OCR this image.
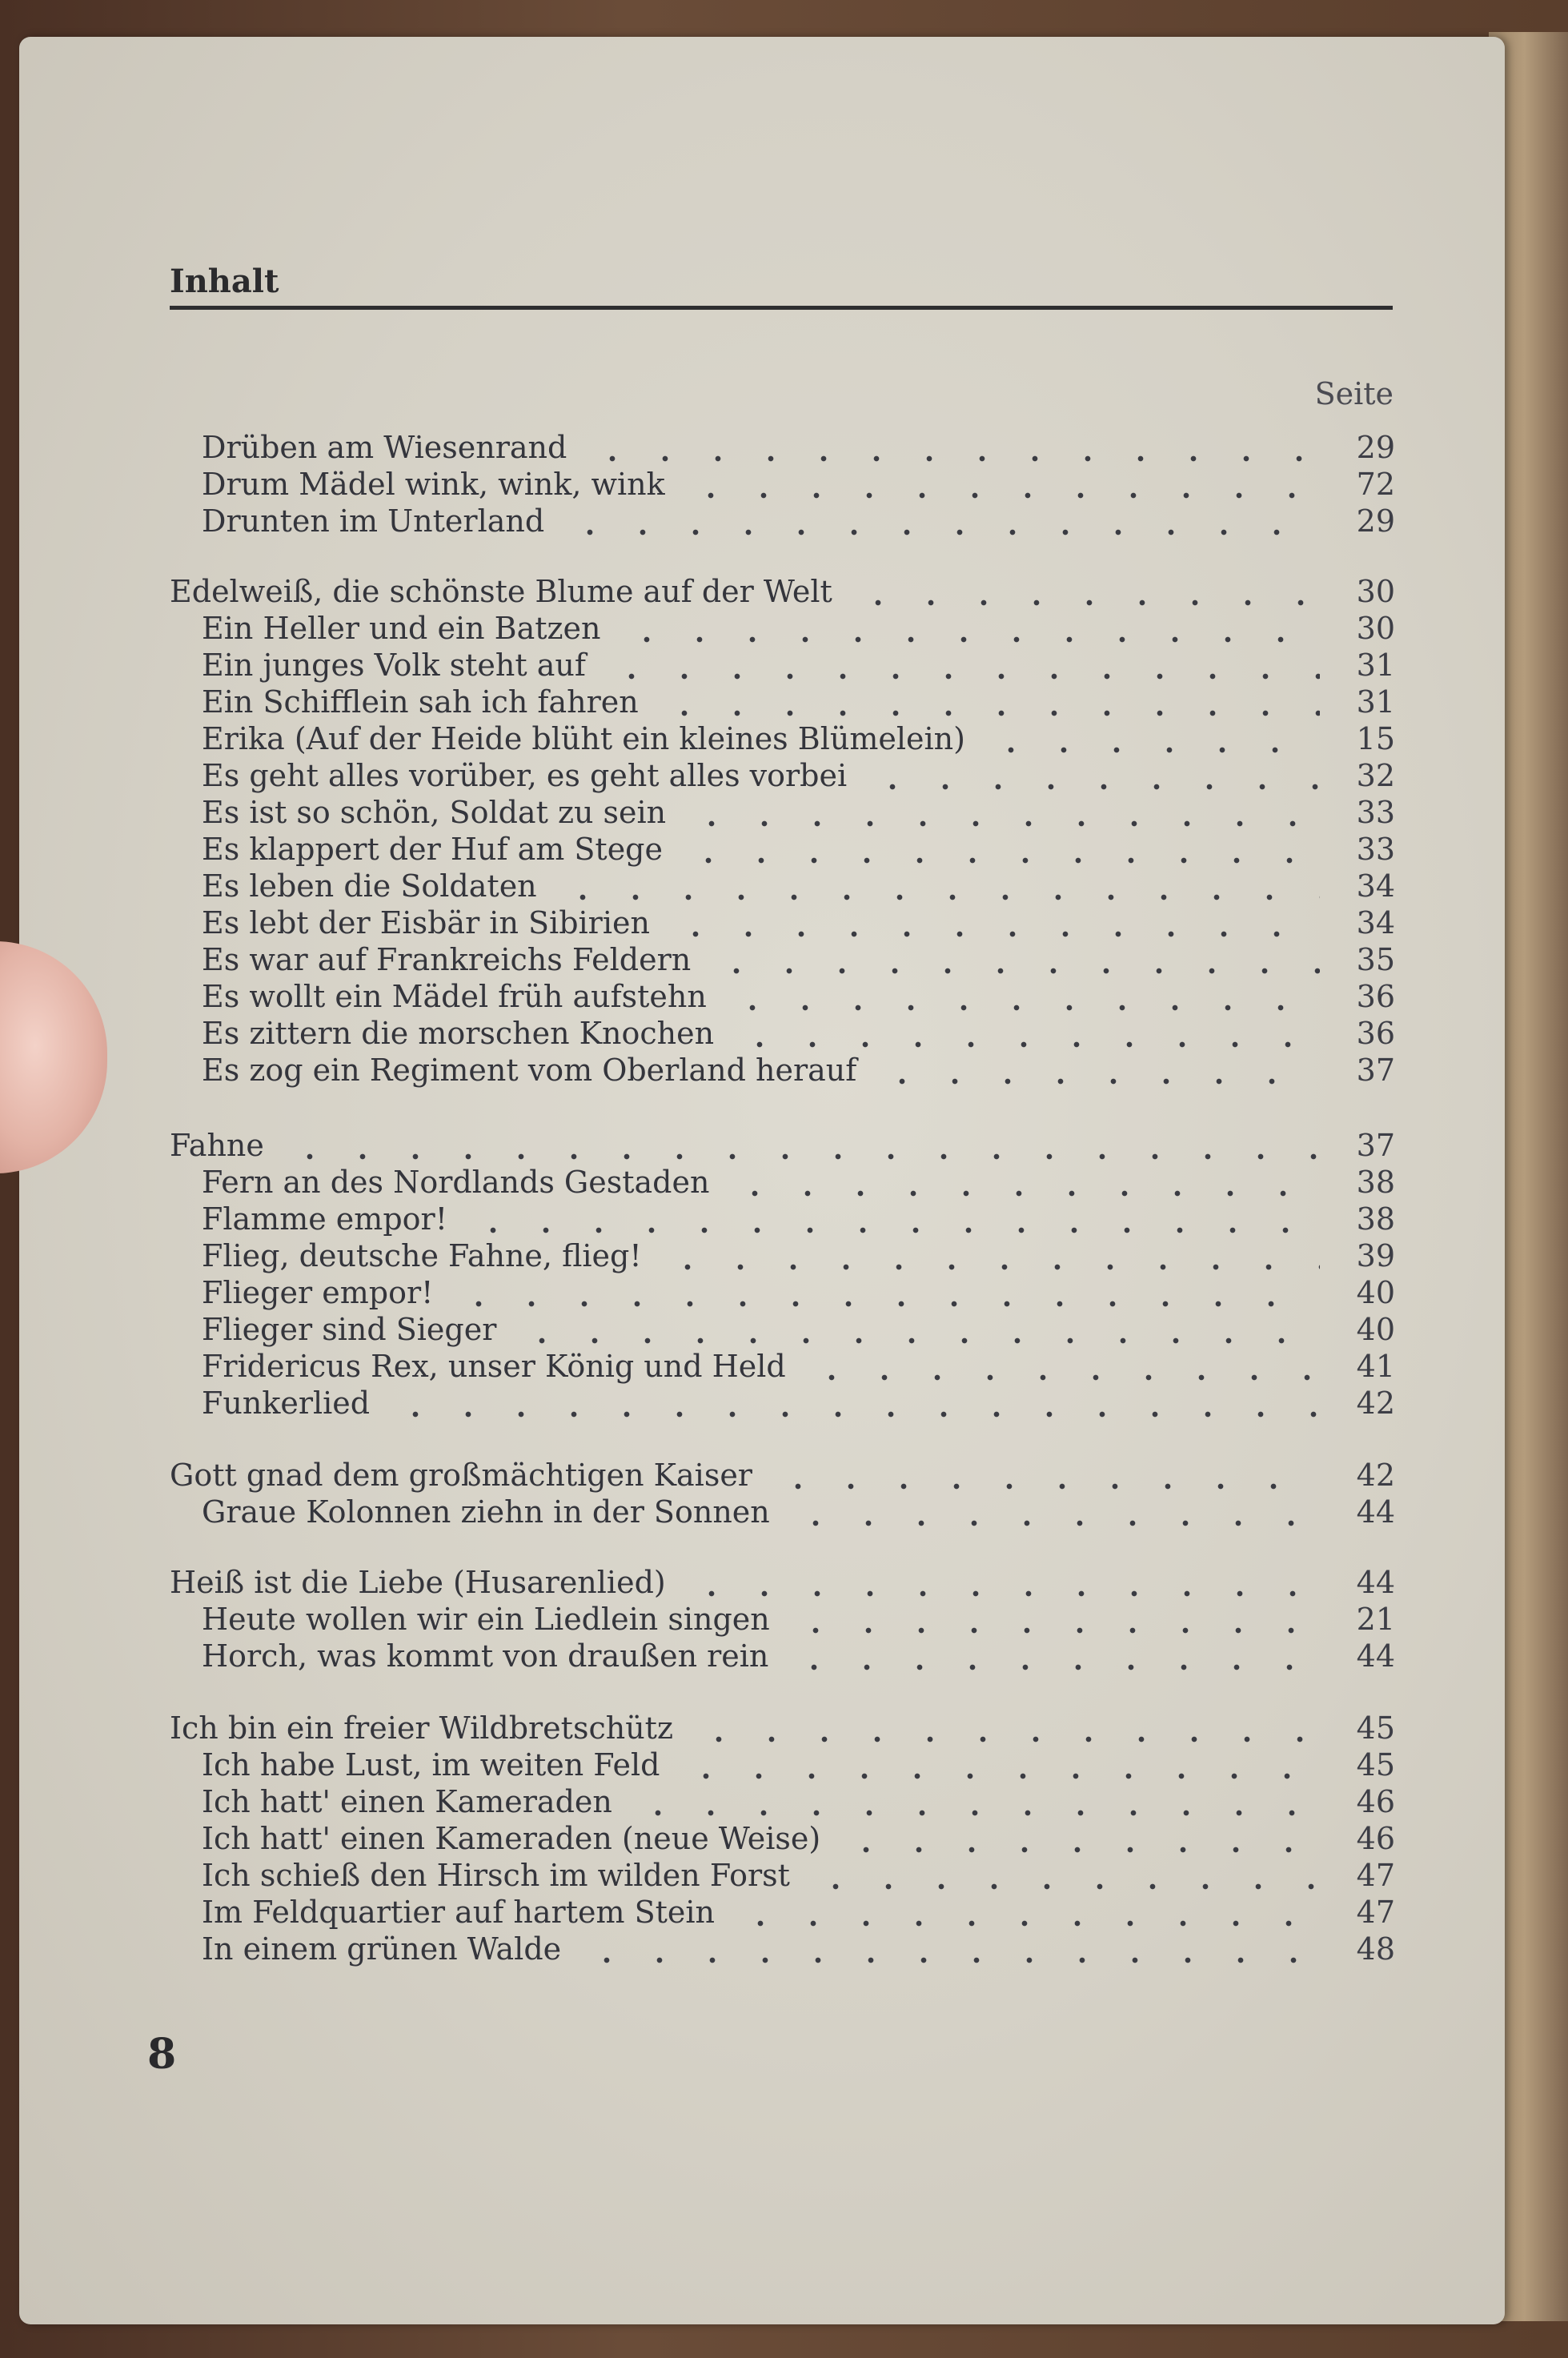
Inhalt
Seite
Drüben am Wiesenrand	29
Drum Mädel wink, wink, wink	72
Drunten im Unterland	29
Edelweiß, die schönste Blume auf der Welt	30
Ein Heller und ein Batzen	30
Ein junges Volk steht auf	31
Ein Schifflein sah ich fahren	31
Erika (Auf der Heide blüht ein kleines Blümelein)	15
Es geht alles vorüber, es geht alles vorbei	32
Es ist so schön, Soldat zu sein	33
Es klappert der Huf am Stege	33
Es leben die Soldaten	34
Es lebt der Eisbär in Sibirien	34
Es war auf Frankreichs Feldern	35
Es wollt ein Mädel früh aufstehn	36
Es zittern die morschen Knochen	36
Es zog ein Regiment vom Oberland herauf	37
Fahne	37
Fern an des Nordlands Gestaden	38
Flamme empor!	38
Flieg, deutsche Fahne, flieg!	39
Flieger empor!	40
Flieger sind Sieger	40
Fridericus Rex, unser König und Held	41
Funkerlied	42
Gott gnad dem großmächtigen Kaiser	42
Graue Kolonnen ziehn in der Sonnen	44
Heiß ist die Liebe (Husarenlied)	44
Heute wollen wir ein Liedlein singen	21
Horch, was kommt von draußen rein	44
Ich bin ein freier Wildbretschütz	45
Ich habe Lust, im weiten Feld	45
Ich hatt' einen Kameraden	46
Ich hatt' einen Kameraden (neue Weise)	46
Ich schieß den Hirsch im wilden Forst	47
Im Feldquartier auf hartem Stein	47
In einem grünen Walde	48
8
